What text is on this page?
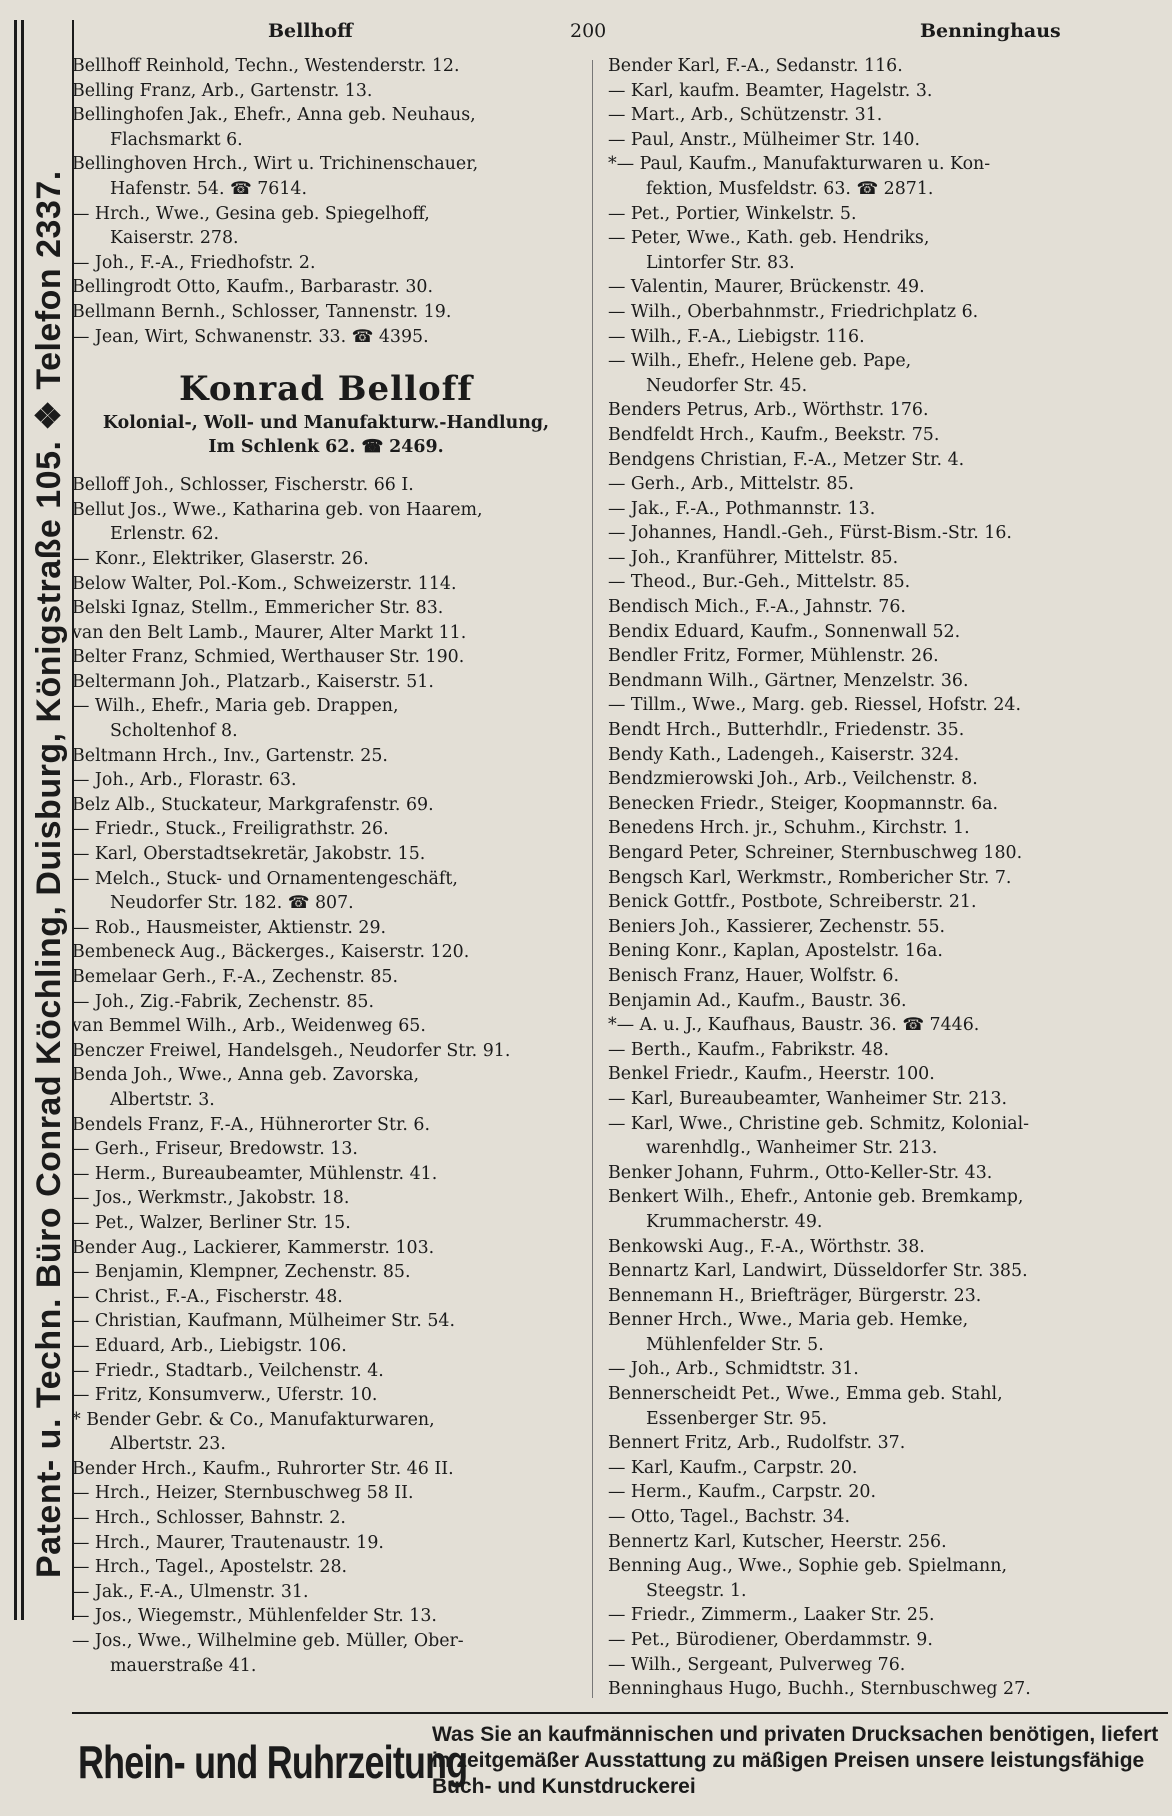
Patent- u. Techn. Büro Conrad Köchling, Duisburg, Königstraße 105. ❖ Telefon 2337.
Bellhoff	200	Benninghaus
Bellhoff Reinhold, Techn., Westenderstr. 12.
Belling Franz, Arb., Gartenstr. 13.
Bellinghofen Jak., Ehefr., Anna geb. Neuhaus,
Flachsmarkt 6.
Bellinghoven Hrch., Wirt u. Trichinenschauer,
Hafenstr. 54. ☎ 7614.
— Hrch., Wwe., Gesina geb. Spiegelhoff,
Kaiserstr. 278.
— Joh., F.-A., Friedhofstr. 2.
Bellingrodt Otto, Kaufm., Barbarastr. 30.
Bellmann Bernh., Schlosser, Tannenstr. 19.
— Jean, Wirt, Schwanenstr. 33. ☎ 4395.
Konrad Belloff
Kolonial-, Woll- und Manufakturw.-Handlung,
Im Schlenk 62. ☎ 2469.
Belloff Joh., Schlosser, Fischerstr. 66 I.
Bellut Jos., Wwe., Katharina geb. von Haarem,
Erlenstr. 62.
— Konr., Elektriker, Glaserstr. 26.
Below Walter, Pol.-Kom., Schweizerstr. 114.
Belski Ignaz, Stellm., Emmericher Str. 83.
van den Belt Lamb., Maurer, Alter Markt 11.
Belter Franz, Schmied, Werthauser Str. 190.
Beltermann Joh., Platzarb., Kaiserstr. 51.
— Wilh., Ehefr., Maria geb. Drappen,
Scholtenhof 8.
Beltmann Hrch., Inv., Gartenstr. 25.
— Joh., Arb., Florastr. 63.
Belz Alb., Stuckateur, Markgrafenstr. 69.
— Friedr., Stuck., Freiligrathstr. 26.
— Karl, Oberstadtsekretär, Jakobstr. 15.
— Melch., Stuck- und Ornamentengeschäft,
Neudorfer Str. 182. ☎ 807.
— Rob., Hausmeister, Aktienstr. 29.
Bembeneck Aug., Bäckerges., Kaiserstr. 120.
Bemelaar Gerh., F.-A., Zechenstr. 85.
— Joh., Zig.-Fabrik, Zechenstr. 85.
van Bemmel Wilh., Arb., Weidenweg 65.
Benczer Freiwel, Handelsgeh., Neudorfer Str. 91.
Benda Joh., Wwe., Anna geb. Zavorska,
Albertstr. 3.
Bendels Franz, F.-A., Hühnerorter Str. 6.
— Gerh., Friseur, Bredowstr. 13.
— Herm., Bureaubeamter, Mühlenstr. 41.
— Jos., Werkmstr., Jakobstr. 18.
— Pet., Walzer, Berliner Str. 15.
Bender Aug., Lackierer, Kammerstr. 103.
— Benjamin, Klempner, Zechenstr. 85.
— Christ., F.-A., Fischerstr. 48.
— Christian, Kaufmann, Mülheimer Str. 54.
— Eduard, Arb., Liebigstr. 106.
— Friedr., Stadtarb., Veilchenstr. 4.
— Fritz, Konsumverw., Uferstr. 10.
* Bender Gebr. & Co., Manufakturwaren,
Albertstr. 23.
Bender Hrch., Kaufm., Ruhrorter Str. 46 II.
— Hrch., Heizer, Sternbuschweg 58 II.
— Hrch., Schlosser, Bahnstr. 2.
— Hrch., Maurer, Trautenaustr. 19.
— Hrch., Tagel., Apostelstr. 28.
— Jak., F.-A., Ulmenstr. 31.
— Jos., Wiegemstr., Mühlenfelder Str. 13.
— Jos., Wwe., Wilhelmine geb. Müller, Ober-
mauerstraße 41.
Bender Karl, F.-A., Sedanstr. 116.
— Karl, kaufm. Beamter, Hagelstr. 3.
— Mart., Arb., Schützenstr. 31.
— Paul, Anstr., Mülheimer Str. 140.
*— Paul, Kaufm., Manufakturwaren u. Kon-
fektion, Musfeldstr. 63. ☎ 2871.
— Pet., Portier, Winkelstr. 5.
— Peter, Wwe., Kath. geb. Hendriks,
Lintorfer Str. 83.
— Valentin, Maurer, Brückenstr. 49.
— Wilh., Oberbahnmstr., Friedrichplatz 6.
— Wilh., F.-A., Liebigstr. 116.
— Wilh., Ehefr., Helene geb. Pape,
Neudorfer Str. 45.
Benders Petrus, Arb., Wörthstr. 176.
Bendfeldt Hrch., Kaufm., Beekstr. 75.
Bendgens Christian, F.-A., Metzer Str. 4.
— Gerh., Arb., Mittelstr. 85.
— Jak., F.-A., Pothmannstr. 13.
— Johannes, Handl.-Geh., Fürst-Bism.-Str. 16.
— Joh., Kranführer, Mittelstr. 85.
— Theod., Bur.-Geh., Mittelstr. 85.
Bendisch Mich., F.-A., Jahnstr. 76.
Bendix Eduard, Kaufm., Sonnenwall 52.
Bendler Fritz, Former, Mühlenstr. 26.
Bendmann Wilh., Gärtner, Menzelstr. 36.
— Tillm., Wwe., Marg. geb. Riessel, Hofstr. 24.
Bendt Hrch., Butterhdlr., Friedenstr. 35.
Bendy Kath., Ladengeh., Kaiserstr. 324.
Bendzmierowski Joh., Arb., Veilchenstr. 8.
Benecken Friedr., Steiger, Koopmannstr. 6a.
Benedens Hrch. jr., Schuhm., Kirchstr. 1.
Bengard Peter, Schreiner, Sternbuschweg 180.
Bengsch Karl, Werkmstr., Rombericher Str. 7.
Benick Gottfr., Postbote, Schreiberstr. 21.
Beniers Joh., Kassierer, Zechenstr. 55.
Bening Konr., Kaplan, Apostelstr. 16a.
Benisch Franz, Hauer, Wolfstr. 6.
Benjamin Ad., Kaufm., Baustr. 36.
*— A. u. J., Kaufhaus, Baustr. 36. ☎ 7446.
— Berth., Kaufm., Fabrikstr. 48.
Benkel Friedr., Kaufm., Heerstr. 100.
— Karl, Bureaubeamter, Wanheimer Str. 213.
— Karl, Wwe., Christine geb. Schmitz, Kolonial-
warenhdlg., Wanheimer Str. 213.
Benker Johann, Fuhrm., Otto-Keller-Str. 43.
Benkert Wilh., Ehefr., Antonie geb. Bremkamp,
Krummacherstr. 49.
Benkowski Aug., F.-A., Wörthstr. 38.
Bennartz Karl, Landwirt, Düsseldorfer Str. 385.
Bennemann H., Briefträger, Bürgerstr. 23.
Benner Hrch., Wwe., Maria geb. Hemke,
Mühlenfelder Str. 5.
— Joh., Arb., Schmidtstr. 31.
Bennerscheidt Pet., Wwe., Emma geb. Stahl,
Essenberger Str. 95.
Bennert Fritz, Arb., Rudolfstr. 37.
— Karl, Kaufm., Carpstr. 20.
— Herm., Kaufm., Carpstr. 20.
— Otto, Tagel., Bachstr. 34.
Bennertz Karl, Kutscher, Heerstr. 256.
Benning Aug., Wwe., Sophie geb. Spielmann,
Steegstr. 1.
— Friedr., Zimmerm., Laaker Str. 25.
— Pet., Bürodiener, Oberdammstr. 9.
— Wilh., Sergeant, Pulverweg 76.
Benninghaus Hugo, Buchh., Sternbuschweg 27.
Rhein- und Ruhrzeitung
Was Sie an kaufmännischen und privaten Drucksachen benötigen, liefert in zeitgemäßer Ausstattung zu mäßigen Preisen unsere leistungsfähige Buch- und Kunstdruckerei
